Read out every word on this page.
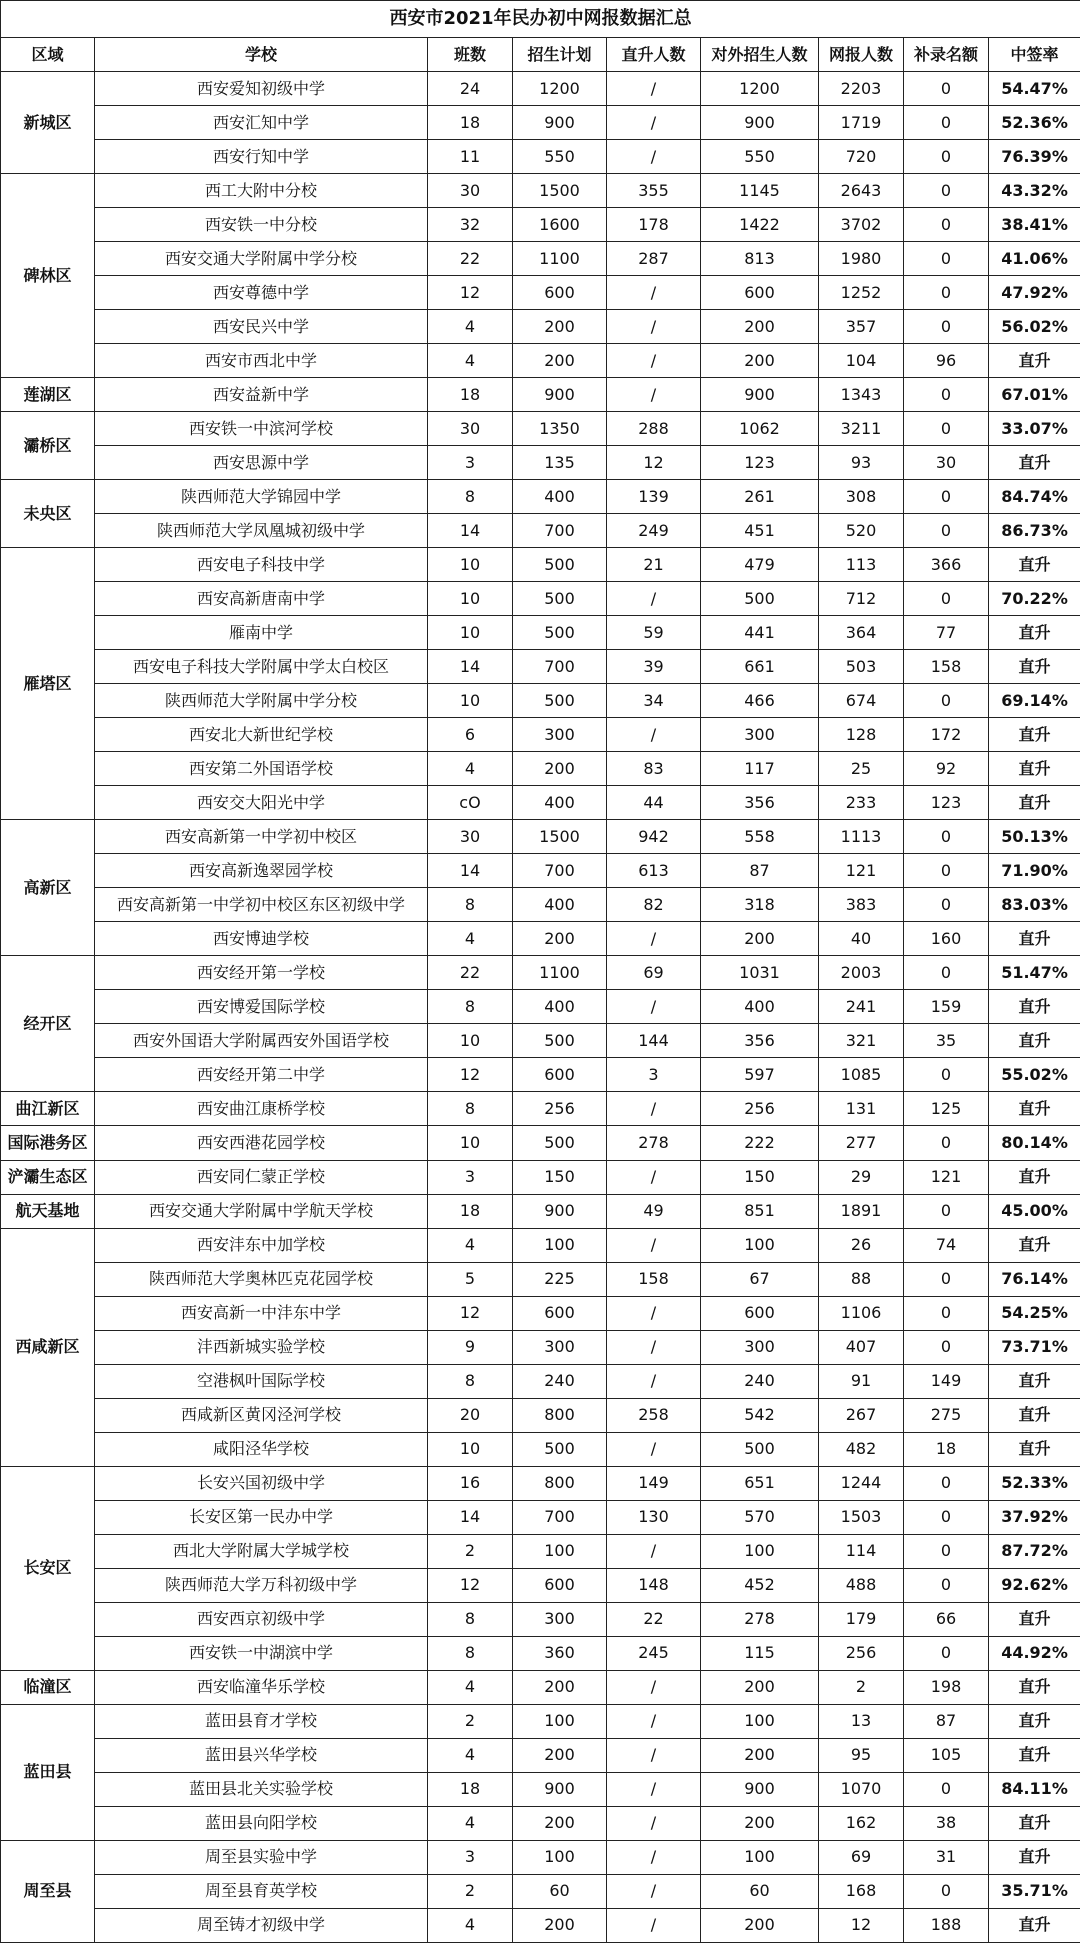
西安市2021年民办初中网报数据汇总								
区域	学校	班数	招生计划	直升人数	对外招生人数	网报人数	补录名额	中签率
新城区	西安爱知初级中学	24	1200	/	1200	2203	0	54.47%
	西安汇知中学	18	900	/	900	1719	0	52.36%
	西安行知中学	11	550	/	550	720	0	76.39%
碑林区	西工大附中分校	30	1500	355	1145	2643	0	43.32%
	西安铁一中分校	32	1600	178	1422	3702	0	38.41%
	西安交通大学附属中学分校	22	1100	287	813	1980	0	41.06%
	西安尊德中学	12	600	/	600	1252	0	47.92%
	西安民兴中学	4	200	/	200	357	0	56.02%
	西安市西北中学	4	200	/	200	104	96	直升
莲湖区	西安益新中学	18	900	/	900	1343	0	67.01%
灞桥区	西安铁一中滨河学校	30	1350	288	1062	3211	0	33.07%
	西安思源中学	3	135	12	123	93	30	直升
未央区	陕西师范大学锦园中学	8	400	139	261	308	0	84.74%
	陕西师范大学凤凰城初级中学	14	700	249	451	520	0	86.73%
雁塔区	西安电子科技中学	10	500	21	479	113	366	直升
	西安高新唐南中学	10	500	/	500	712	0	70.22%
	雁南中学	10	500	59	441	364	77	直升
	西安电子科技大学附属中学太白校区	14	700	39	661	503	158	直升
	陕西师范大学附属中学分校	10	500	34	466	674	0	69.14%
	西安北大新世纪学校	6	300	/	300	128	172	直升
	西安第二外国语学校	4	200	83	117	25	92	直升
	西安交大阳光中学	cO	400	44	356	233	123	直升
高新区	西安高新第一中学初中校区	30	1500	942	558	1113	0	50.13%
	西安高新逸翠园学校	14	700	613	87	121	0	71.90%
	西安高新第一中学初中校区东区初级中学	8	400	82	318	383	0	83.03%
	西安博迪学校	4	200	/	200	40	160	直升
经开区	西安经开第一学校	22	1100	69	1031	2003	0	51.47%
	西安博爱国际学校	8	400	/	400	241	159	直升
	西安外国语大学附属西安外国语学校	10	500	144	356	321	35	直升
	西安经开第二中学	12	600	3	597	1085	0	55.02%
曲江新区	西安曲江康桥学校	8	256	/	256	131	125	直升
国际港务区	西安西港花园学校	10	500	278	222	277	0	80.14%
浐灞生态区	西安同仁蒙正学校	3	150	/	150	29	121	直升
航天基地	西安交通大学附属中学航天学校	18	900	49	851	1891	0	45.00%
西咸新区	西安沣东中加学校	4	100	/	100	26	74	直升
	陕西师范大学奥林匹克花园学校	5	225	158	67	88	0	76.14%
	西安高新一中沣东中学	12	600	/	600	1106	0	54.25%
	沣西新城实验学校	9	300	/	300	407	0	73.71%
	空港枫叶国际学校	8	240	/	240	91	149	直升
	西咸新区黄冈泾河学校	20	800	258	542	267	275	直升
	咸阳泾华学校	10	500	/	500	482	18	直升
长安区	长安兴国初级中学	16	800	149	651	1244	0	52.33%
	长安区第一民办中学	14	700	130	570	1503	0	37.92%
	西北大学附属大学城学校	2	100	/	100	114	0	87.72%
	陕西师范大学万科初级中学	12	600	148	452	488	0	92.62%
	西安西京初级中学	8	300	22	278	179	66	直升
	西安铁一中湖滨中学	8	360	245	115	256	0	44.92%
临潼区	西安临潼华乐学校	4	200	/	200	2	198	直升
蓝田县	蓝田县育才学校	2	100	/	100	13	87	直升
	蓝田县兴华学校	4	200	/	200	95	105	直升
	蓝田县北关实验学校	18	900	/	900	1070	0	84.11%
	蓝田县向阳学校	4	200	/	200	162	38	直升
周至县	周至县实验中学	3	100	/	100	69	31	直升
	周至县育英学校	2	60	/	60	168	0	35.71%
	周至铸才初级中学	4	200	/	200	12	188	直升
